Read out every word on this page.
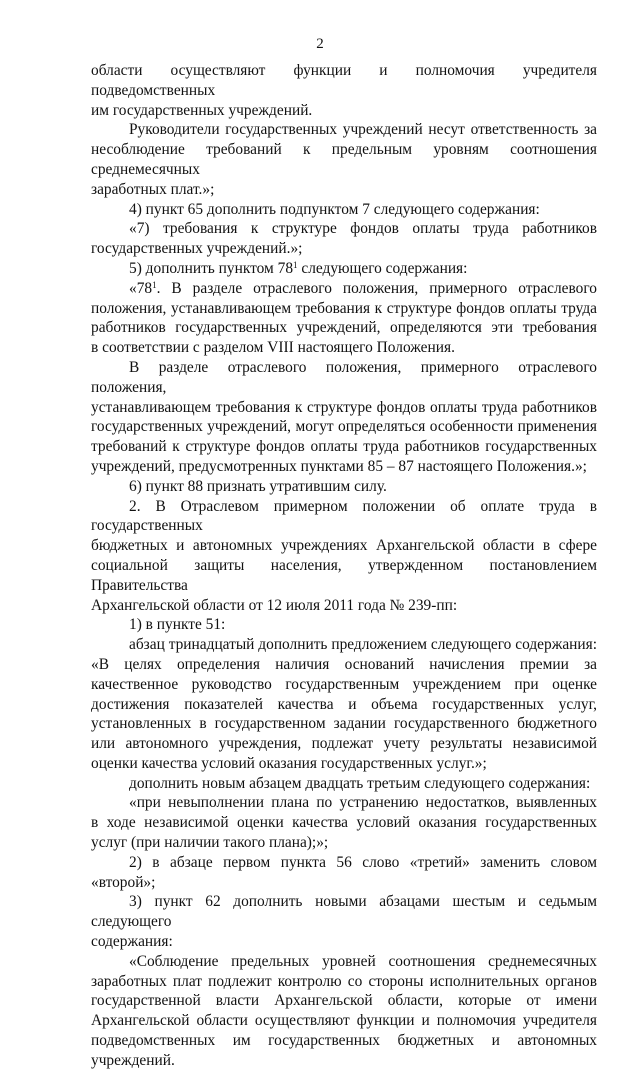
2
области осуществляют функции и полномочия учредителя подведомственных
им государственных учреждений.
Руководители государственных учреждений несут ответственность за
несоблюдение требований к предельным уровням соотношения среднемесячных
заработных плат.»;
4) пункт 65 дополнить подпунктом 7 следующего содержания:
«7) требования к структуре фондов оплаты труда работников
государственных учреждений.»;
5) дополнить пунктом $78^1$ следующего содержания:
«$78^1$. В разделе отраслевого положения, примерного отраслевого
положения, устанавливающем требования к структуре фондов оплаты труда
работников государственных учреждений, определяются эти требования
в соответствии с разделом VIII настоящего Положения.
В разделе отраслевого положения, примерного отраслевого положения,
устанавливающем требования к структуре фондов оплаты труда работников
государственных учреждений, могут определяться особенности применения
требований к структуре фондов оплаты труда работников государственных
учреждений, предусмотренных пунктами 85 – 87 настоящего Положения.»;
6) пункт 88 признать утратившим силу.
2. В Отраслевом примерном положении об оплате труда в государственных
бюджетных и автономных учреждениях Архангельской области в сфере
социальной защиты населения, утвержденном постановлением Правительства
Архангельской области от 12 июля 2011 года № 239-пп:
1) в пункте 51:
абзац тринадцатый дополнить предложением следующего содержания:
«В целях определения наличия оснований начисления премии за
качественное руководство государственным учреждением при оценке
достижения показателей качества и объема государственных услуг,
установленных в государственном задании государственного бюджетного
или автономного учреждения, подлежат учету результаты независимой
оценки качества условий оказания государственных услуг.»;
дополнить новым абзацем двадцать третьим следующего содержания:
«при невыполнении плана по устранению недостатков, выявленных
в ходе независимой оценки качества условий оказания государственных
услуг (при наличии такого плана);»;
2) в абзаце первом пункта 56 слово «третий» заменить словом «второй»;
3) пункт 62 дополнить новыми абзацами шестым и седьмым следующего
содержания:
«Соблюдение предельных уровней соотношения среднемесячных
заработных плат подлежит контролю со стороны исполнительных органов
государственной власти Архангельской области, которые от имени
Архангельской области осуществляют функции и полномочия учредителя
подведомственных им государственных бюджетных и автономных учреждений.
